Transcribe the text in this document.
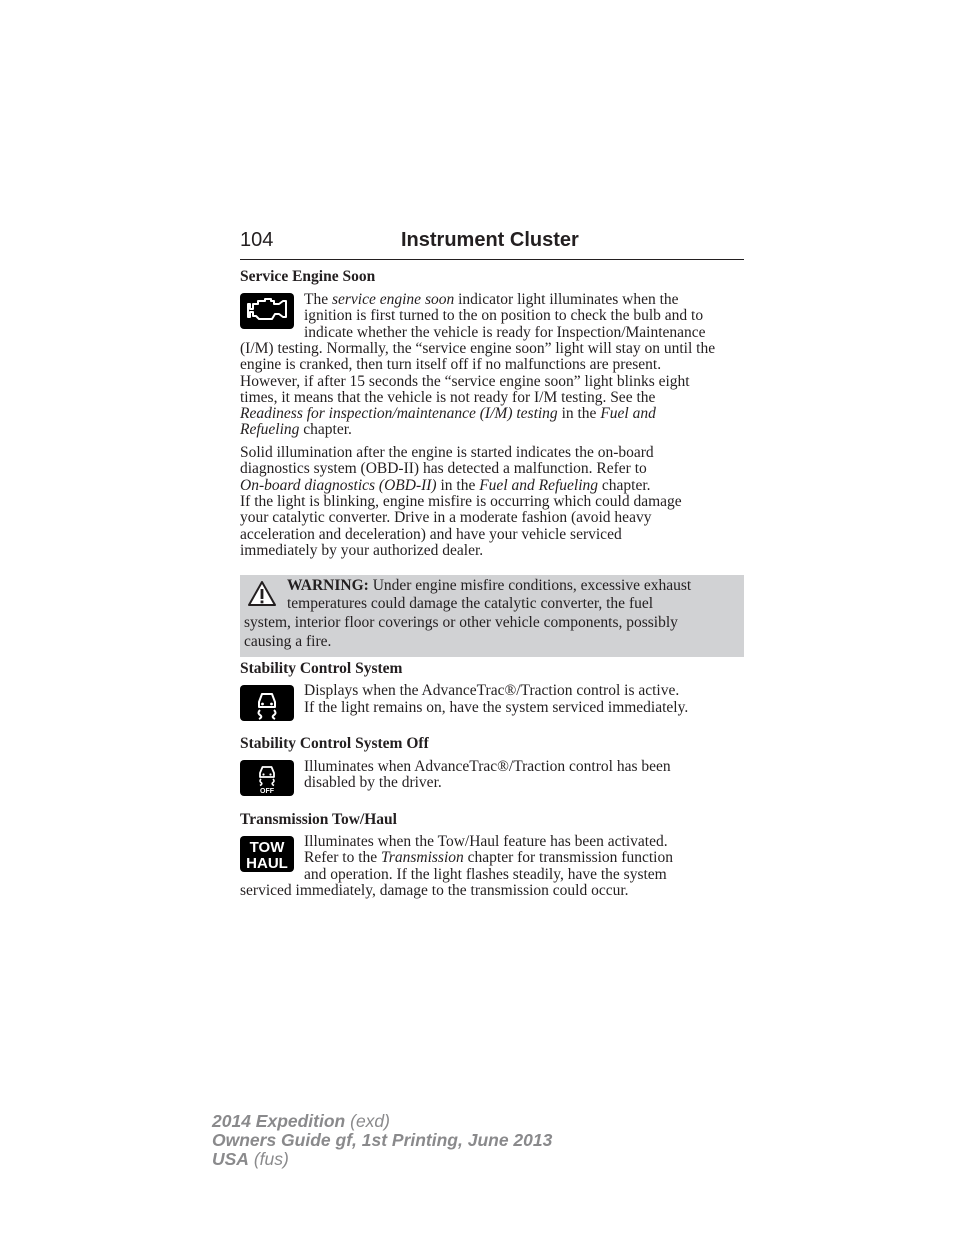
104	Instrument Cluster
Service Engine Soon
The service engine soon indicator light illuminates when the
ignition is first turned to the on position to check the bulb and to
indicate whether the vehicle is ready for Inspection/Maintenance
(I/M) testing. Normally, the “service engine soon” light will stay on until the
engine is cranked, then turn itself off if no malfunctions are present.
However, if after 15 seconds the “service engine soon” light blinks eight
times, it means that the vehicle is not ready for I/M testing. See the
Readiness for inspection/maintenance (I/M) testing in the Fuel and
Refueling chapter.
Solid illumination after the engine is started indicates the on-board
diagnostics system (OBD-II) has detected a malfunction. Refer to
On-board diagnostics (OBD-II) in the Fuel and Refueling chapter.
If the light is blinking, engine misfire is occurring which could damage
your catalytic converter. Drive in a moderate fashion (avoid heavy
acceleration and deceleration) and have your vehicle serviced
immediately by your authorized dealer.
WARNING: Under engine misfire conditions, excessive exhaust
temperatures could damage the catalytic converter, the fuel
system, interior floor coverings or other vehicle components, possibly
causing a fire.
Stability Control System
Displays when the AdvanceTrac®/Traction control is active.
If the light remains on, have the system serviced immediately.
Stability Control System Off
OFF
Illuminates when AdvanceTrac®/Traction control has been
disabled by the driver.
Transmission Tow/Haul
TOW
HAUL
Illuminates when the Tow/Haul feature has been activated.
Refer to the Transmission chapter for transmission function
and operation. If the light flashes steadily, have the system
serviced immediately, damage to the transmission could occur.
2014 Expedition (exd)
Owners Guide gf, 1st Printing, June 2013
USA (fus)
